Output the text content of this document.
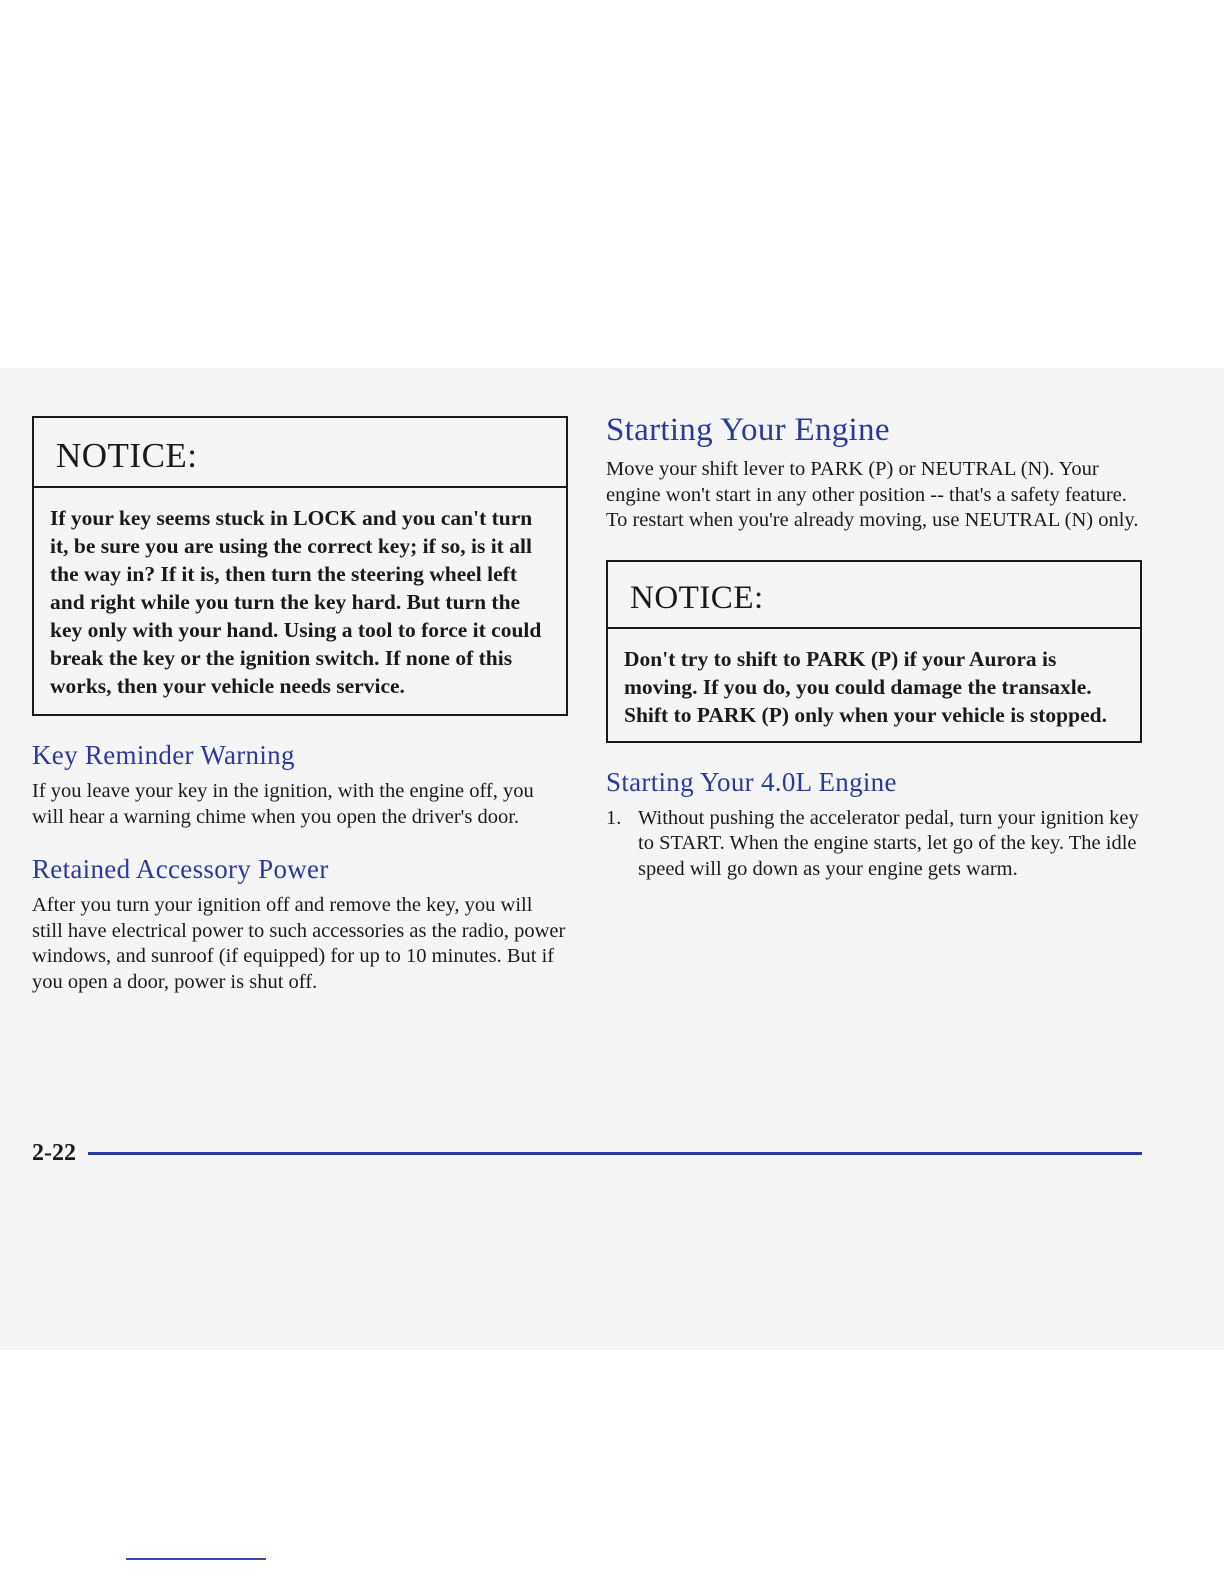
NOTICE:
If your key seems stuck in LOCK and you can't turn it, be sure you are using the correct key; if so, is it all the way in? If it is, then turn the steering wheel left and right while you turn the key hard. But turn the key only with your hand. Using a tool to force it could break the key or the ignition switch. If none of this works, then your vehicle needs service.
Key Reminder Warning

If you leave your key in the ignition, with the engine off, you will hear a warning chime when you open the driver's door.

Retained Accessory Power

After you turn your ignition off and remove the key, you will still have electrical power to such accessories as the radio, power windows, and sunroof (if equipped) for up to 10 minutes. But if you open a door, power is shut off.

Starting Your Engine

Move your shift lever to PARK (P) or NEUTRAL (N). Your engine won't start in any other position -- that's a safety feature. To restart when you're already moving, use NEUTRAL (N) only.

NOTICE:
Don't try to shift to PARK (P) if your Aurora is moving. If you do, you could damage the transaxle. Shift to PARK (P) only when your vehicle is stopped.
Starting Your 4.0L Engine
1. Without pushing the accelerator pedal, turn your ignition key to START. When the engine starts, let go of the key. The idle speed will go down as your engine gets warm.
2-22
